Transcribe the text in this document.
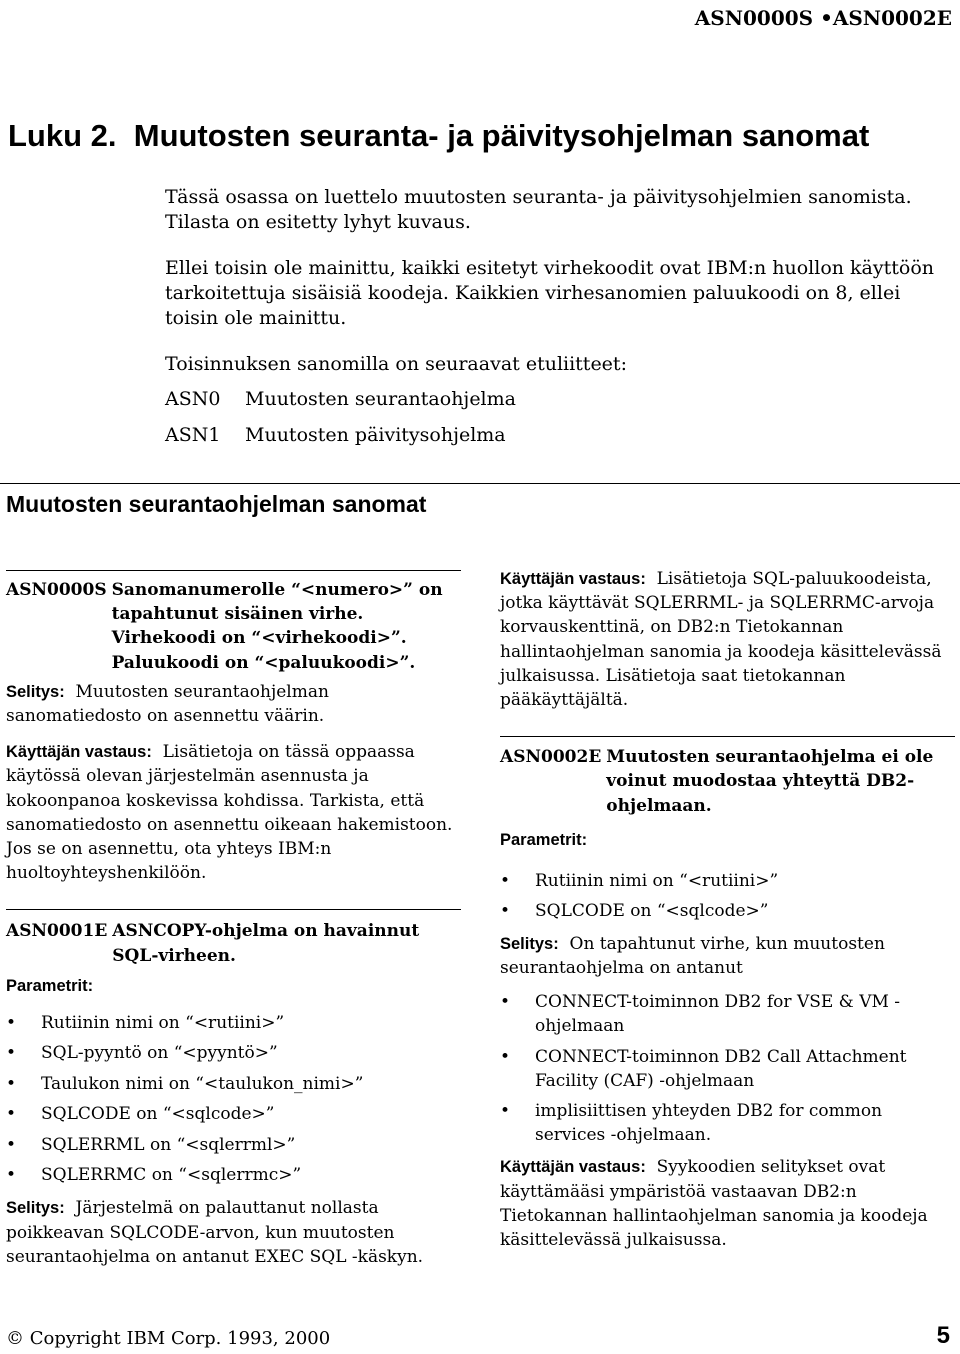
ASN0000S •ASN0002E
Luku 2.  Muutosten seuranta- ja päivitysohjelman sanomat
Tässä osassa on luettelo muutosten seuranta- ja päivitysohjelmien sanomista. Tilasta on esitetty lyhyt kuvaus.
Ellei toisin ole mainittu, kaikki esitetyt virhekoodit ovat IBM:n huollon käyttöön tarkoitettuja sisäisiä koodeja. Kaikkien virhesanomien paluukoodi on 8, ellei toisin ole mainittu.
Toisinnuksen sanomilla on seuraavat etuliitteet:
ASN0	Muutosten seurantaohjelma
ASN1	Muutosten päivitysohjelma
Muutosten seurantaohjelman sanomat
ASN0000S Sanomanumerolle “<numero>” on tapahtunut sisäinen virhe. Virhekoodi on “<virhekoodi>”. Paluukoodi on “<paluukoodi>”.

Selitys: Muutosten seurantaohjelman sanomatiedosto on asennettu väärin.

Käyttäjän vastaus: Lisätietoja on tässä oppaassa käytössä olevan järjestelmän asennusta ja kokoonpanoa koskevissa kohdissa. Tarkista, että sanomatiedosto on asennettu oikeaan hakemistoon. Jos se on asennettu, ota yhteys IBM:n huoltoyhteyshenkilöön.

ASN0001E ASNCOPY-ohjelma on havainnut SQL-virheen.

Parametrit:

• Rutiinin nimi on “<rutiini>”
• SQL-pyyntö on “<pyyntö>”
• Taulukon nimi on “<taulukon_nimi>”
• SQLCODE on “<sqlcode>”
• SQLERRML on “<sqlerrml>”
• SQLERRMC on “<sqlerrmc>”

Selitys: Järjestelmä on palauttanut nollasta poikkeavan SQLCODE-arvon, kun muutosten seurantaohjelma on antanut EXEC SQL -käskyn.

Käyttäjän vastaus: Lisätietoja SQL-paluukoodeista, jotka käyttävät SQLERRML- ja SQLERRMC-arvoja korvauskenttinä, on DB2:n Tietokannan hallintaohjelman sanomia ja koodeja käsittelevässä julkaisussa. Lisätietoja saat tietokannan pääkäyttäjältä.

ASN0002E Muutosten seurantaohjelma ei ole voinut muodostaa yhteyttä DB2-ohjelmaan.

Parametrit:

• Rutiinin nimi on “<rutiini>”
• SQLCODE on “<sqlcode>”

Selitys: On tapahtunut virhe, kun muutosten seurantaohjelma on antanut

• CONNECT-toiminnon DB2 for VSE & VM -ohjelmaan
• CONNECT-toiminnon DB2 Call Attachment Facility (CAF) -ohjelmaan
• implisiittisen yhteyden DB2 for common services -ohjelmaan.

Käyttäjän vastaus: Syykoodien selitykset ovat käyttämääsi ympäristöä vastaavan DB2:n Tietokannan hallintaohjelman sanomia ja koodeja käsittelevässä julkaisussa.

© Copyright IBM Corp. 1993, 2000	5
